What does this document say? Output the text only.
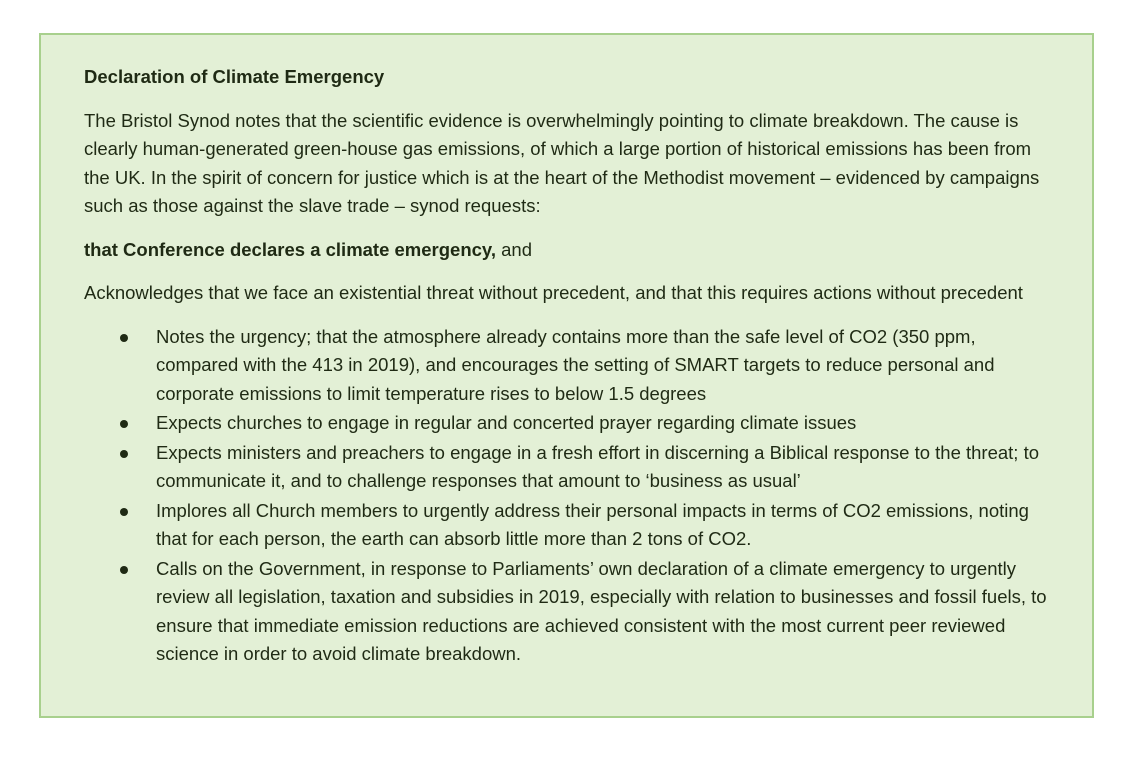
Declaration of Climate Emergency

The Bristol Synod notes that the scientific evidence is overwhelmingly pointing to climate breakdown. The cause is clearly human-generated green-house gas emissions, of which a large portion of historical emissions has been from the UK. In the spirit of concern for justice which is at the heart of the Methodist movement – evidenced by campaigns such as those against the slave trade – synod requests:

that Conference declares a climate emergency, and

Acknowledges that we face an existential threat without precedent, and that this requires actions without precedent

Notes the urgency; that the atmosphere already contains more than the safe level of CO2 (350 ppm, compared with the 413 in 2019), and encourages the setting of SMART targets to reduce personal and corporate emissions to limit temperature rises to below 1.5 degrees
Expects churches to engage in regular and concerted prayer regarding climate issues
Expects ministers and preachers to engage in a fresh effort in discerning a Biblical response to the threat; to communicate it, and to challenge responses that amount to ‘business as usual’
Implores all Church members to urgently address their personal impacts in terms of CO2 emissions, noting that for each person, the earth can absorb little more than 2 tons of CO2.
Calls on the Government, in response to Parliaments’ own declaration of a climate emergency to urgently review all legislation, taxation and subsidies in 2019, especially with relation to businesses and fossil fuels, to ensure that immediate emission reductions are achieved consistent with the most current peer reviewed science in order to avoid climate breakdown.
